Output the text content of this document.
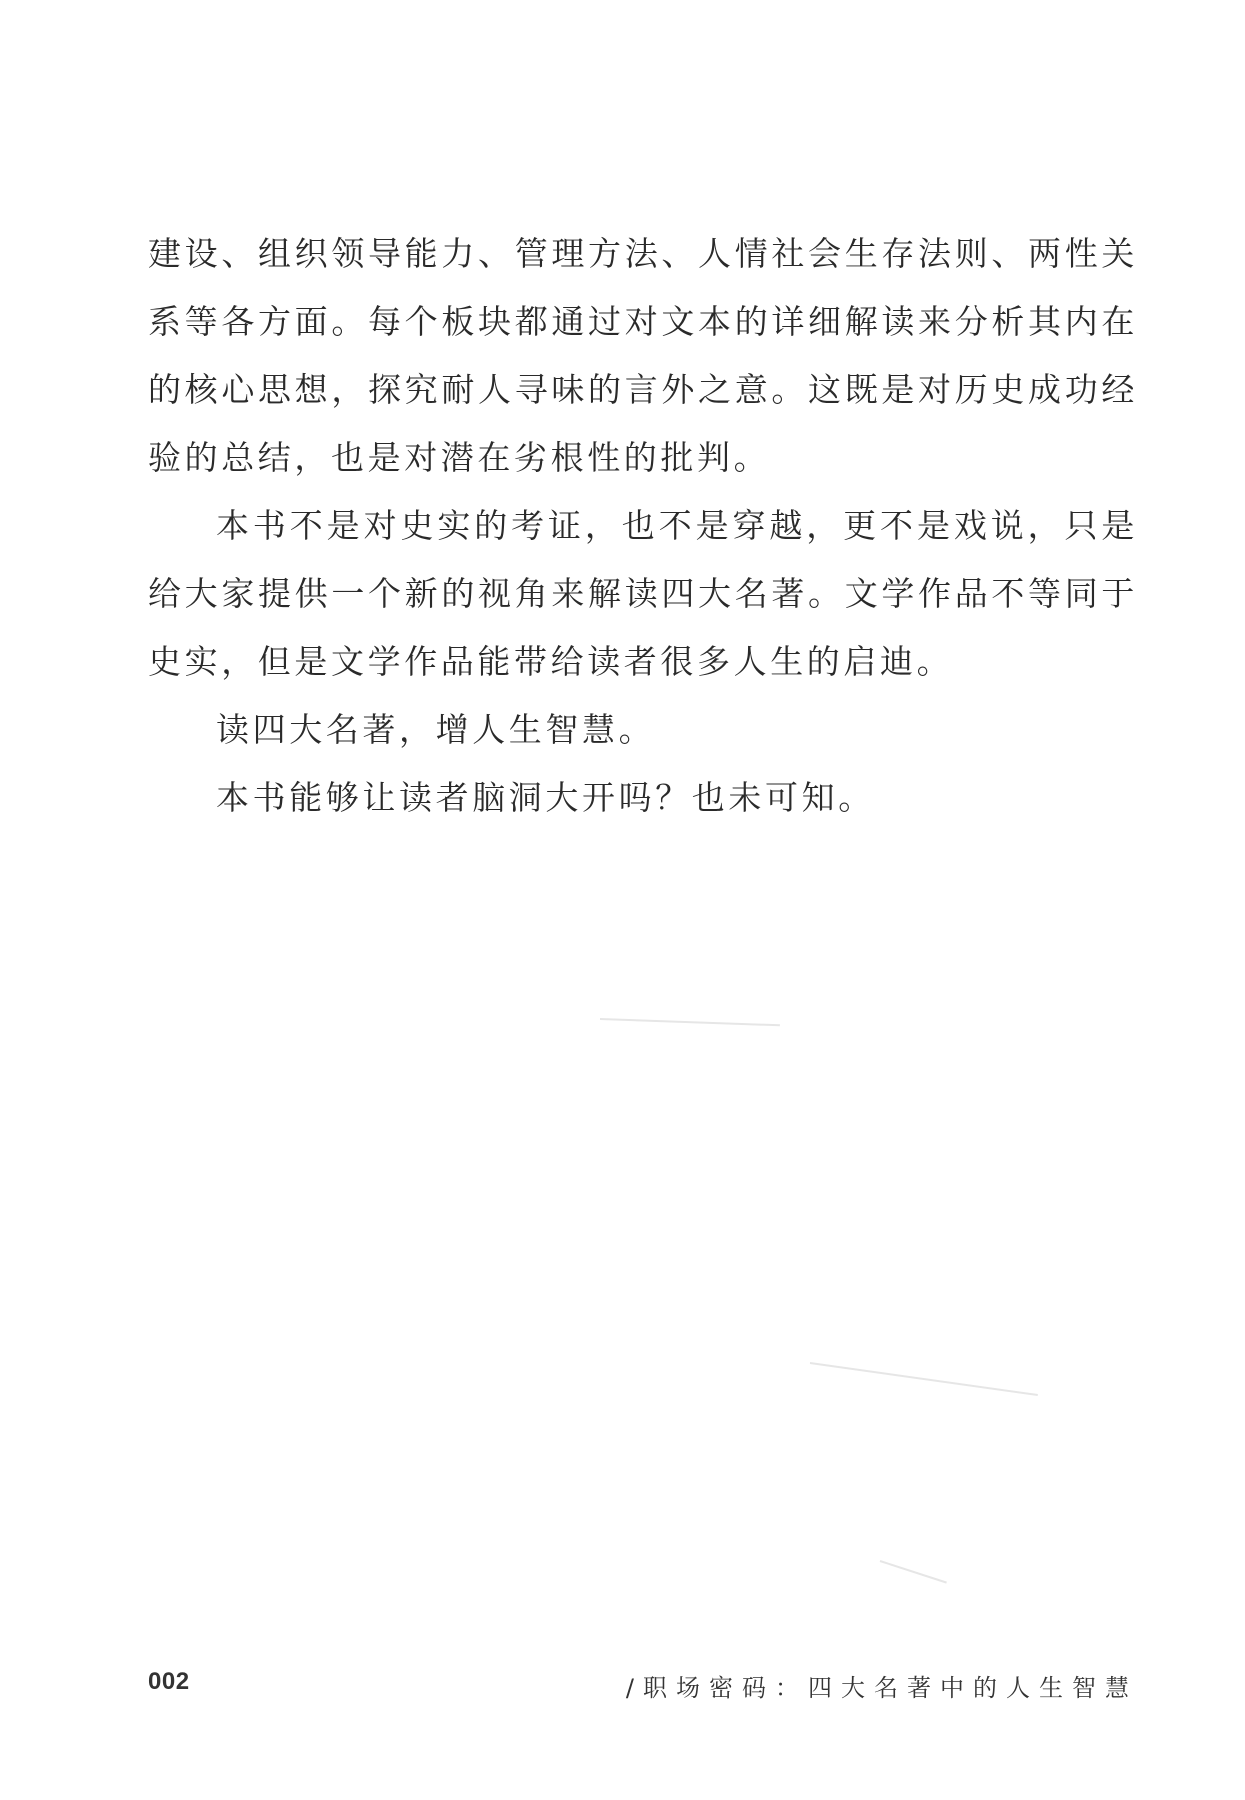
建设、组织领导能力、管理方法、人情社会生存法则、两性关系等各方面。每个板块都通过对文本的详细解读来分析其内在的核心思想，探究耐人寻味的言外之意。这既是对历史成功经验的总结，也是对潜在劣根性的批判。

本书不是对史实的考证，也不是穿越，更不是戏说，只是给大家提供一个新的视角来解读四大名著。文学作品不等同于史实，但是文学作品能带给读者很多人生的启迪。

读四大名著，增人生智慧。

本书能够让读者脑洞大开吗？也未可知。

002	/职场密码：四大名著中的人生智慧
